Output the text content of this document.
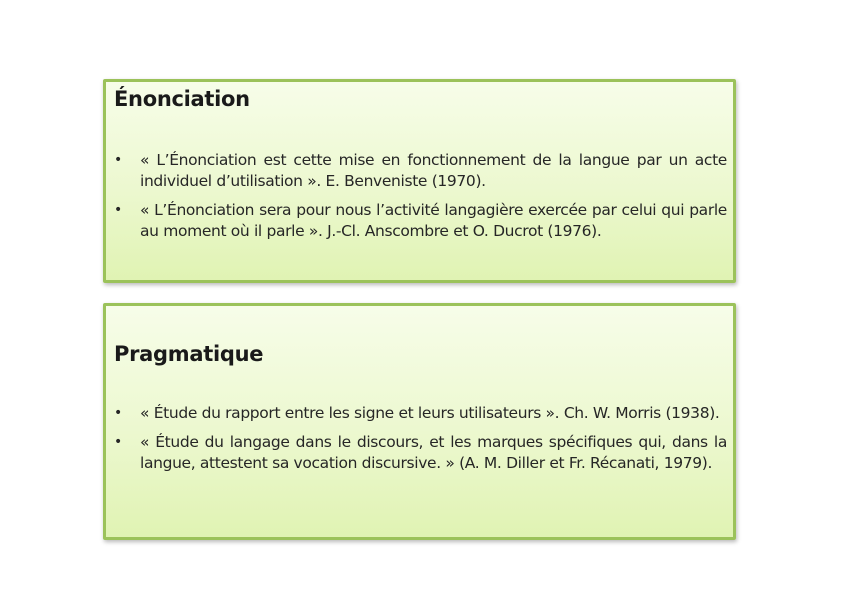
Énonciation
• « L’Énonciation est cette mise en fonctionnement de la langue par un acte individuel d’utilisation ». E. Benveniste (1970).
• « L’Énonciation sera pour nous l’activité langagière exercée par celui qui parle au moment où il parle ». J.-Cl. Anscombre et O. Ducrot (1976).
Pragmatique
• « Étude du rapport entre les signe et leurs utilisateurs ». Ch. W. Morris (1938).
• « Étude du langage dans le discours, et les marques spécifiques qui, dans la langue, attestent sa vocation discursive. » (A. M. Diller et Fr. Récanati, 1979).
